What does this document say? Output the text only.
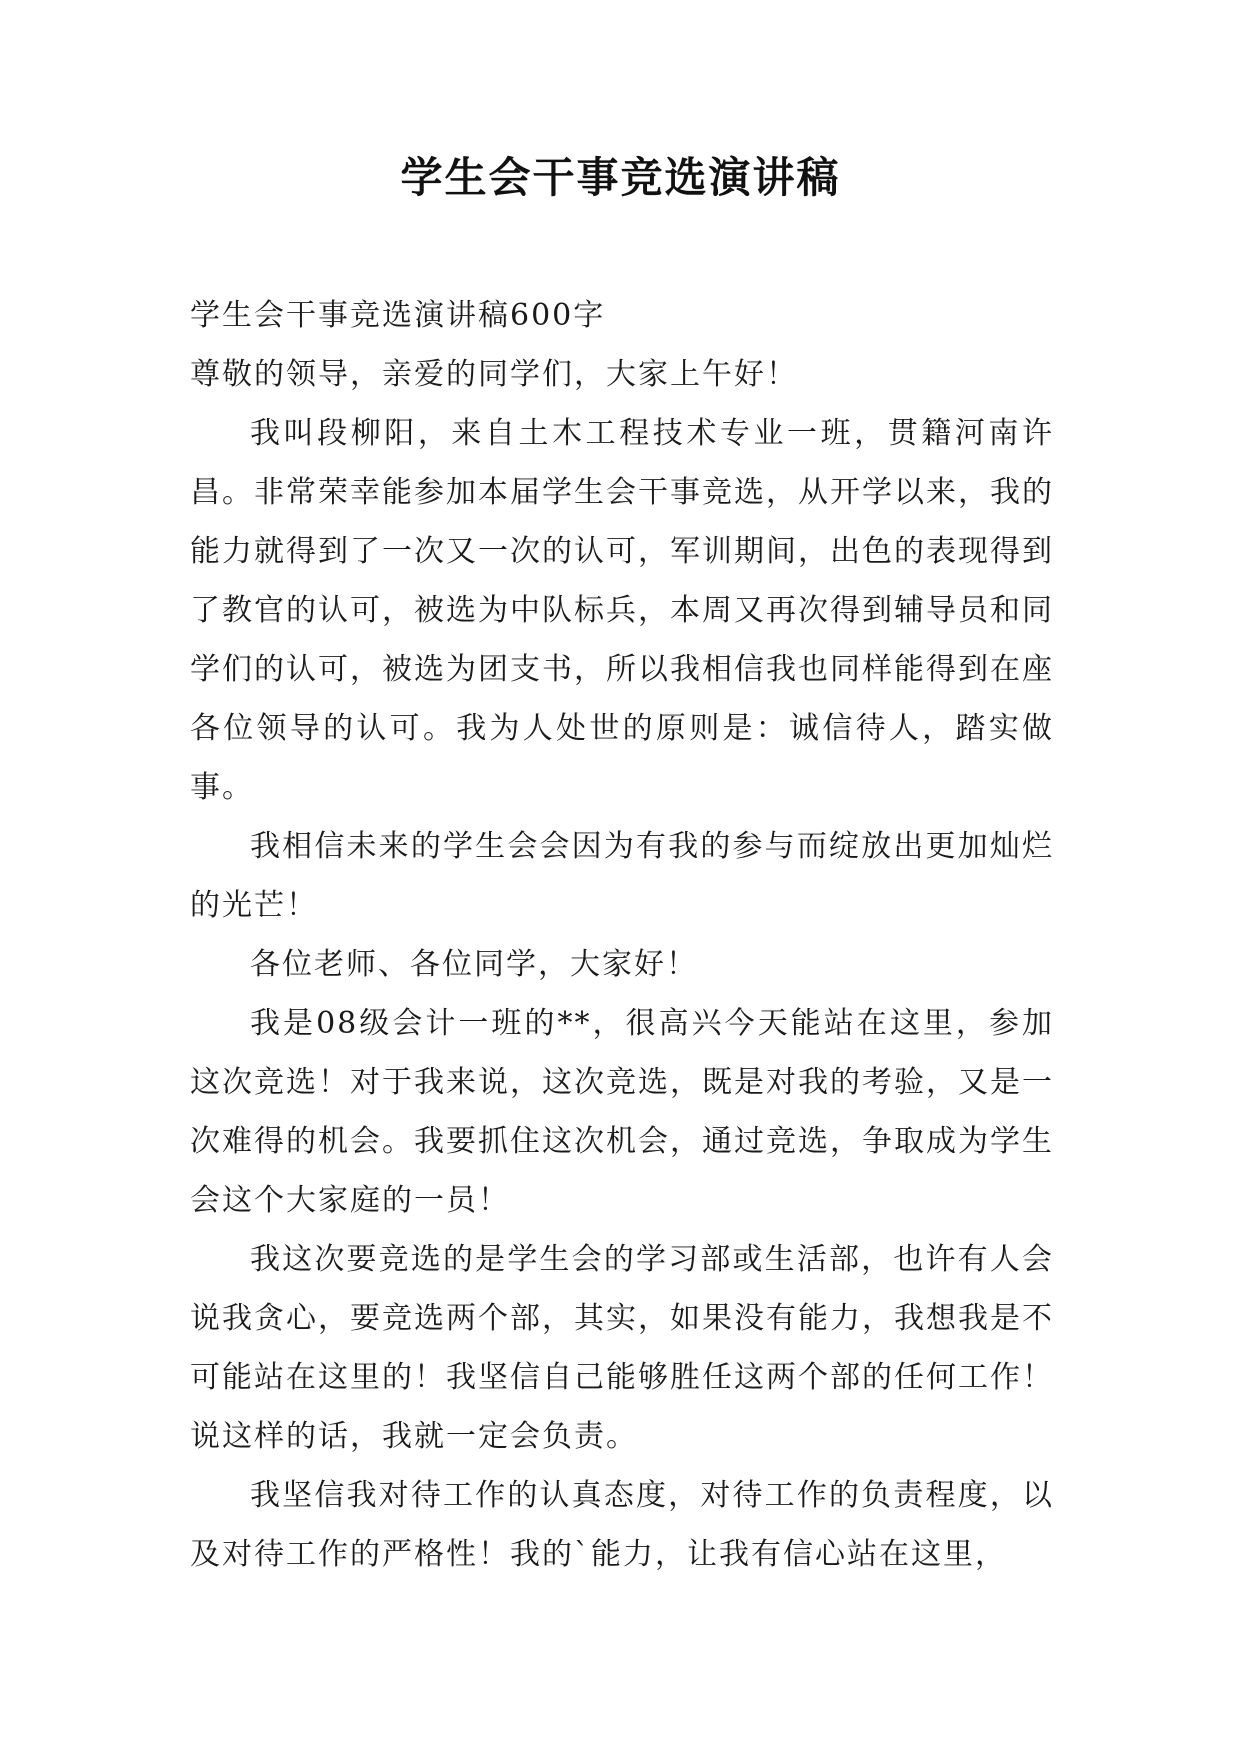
学生会干事竞选演讲稿

学生会干事竞选演讲稿600字

尊敬的领导，亲爱的同学们，大家上午好！

我叫段柳阳，来自土木工程技术专业一班，贯籍河南许昌。非常荣幸能参加本届学生会干事竞选，从开学以来，我的能力就得到了一次又一次的认可，军训期间，出色的表现得到了教官的认可，被选为中队标兵，本周又再次得到辅导员和同学们的认可，被选为团支书，所以我相信我也同样能得到在座各位领导的认可。我为人处世的原则是：诚信待人，踏实做事。

我相信未来的学生会会因为有我的参与而绽放出更加灿烂的光芒！

各位老师、各位同学，大家好！

我是08级会计一班的**，很高兴今天能站在这里，参加这次竞选！对于我来说，这次竞选，既是对我的考验，又是一次难得的机会。我要抓住这次机会，通过竞选，争取成为学生会这个大家庭的一员！

我这次要竞选的是学生会的学习部或生活部，也许有人会说我贪心，要竞选两个部，其实，如果没有能力，我想我是不可能站在这里的！我坚信自己能够胜任这两个部的任何工作！说这样的话，我就一定会负责。

我坚信我对待工作的认真态度，对待工作的负责程度，以及对待工作的严格性！我的`能力，让我有信心站在这里，
